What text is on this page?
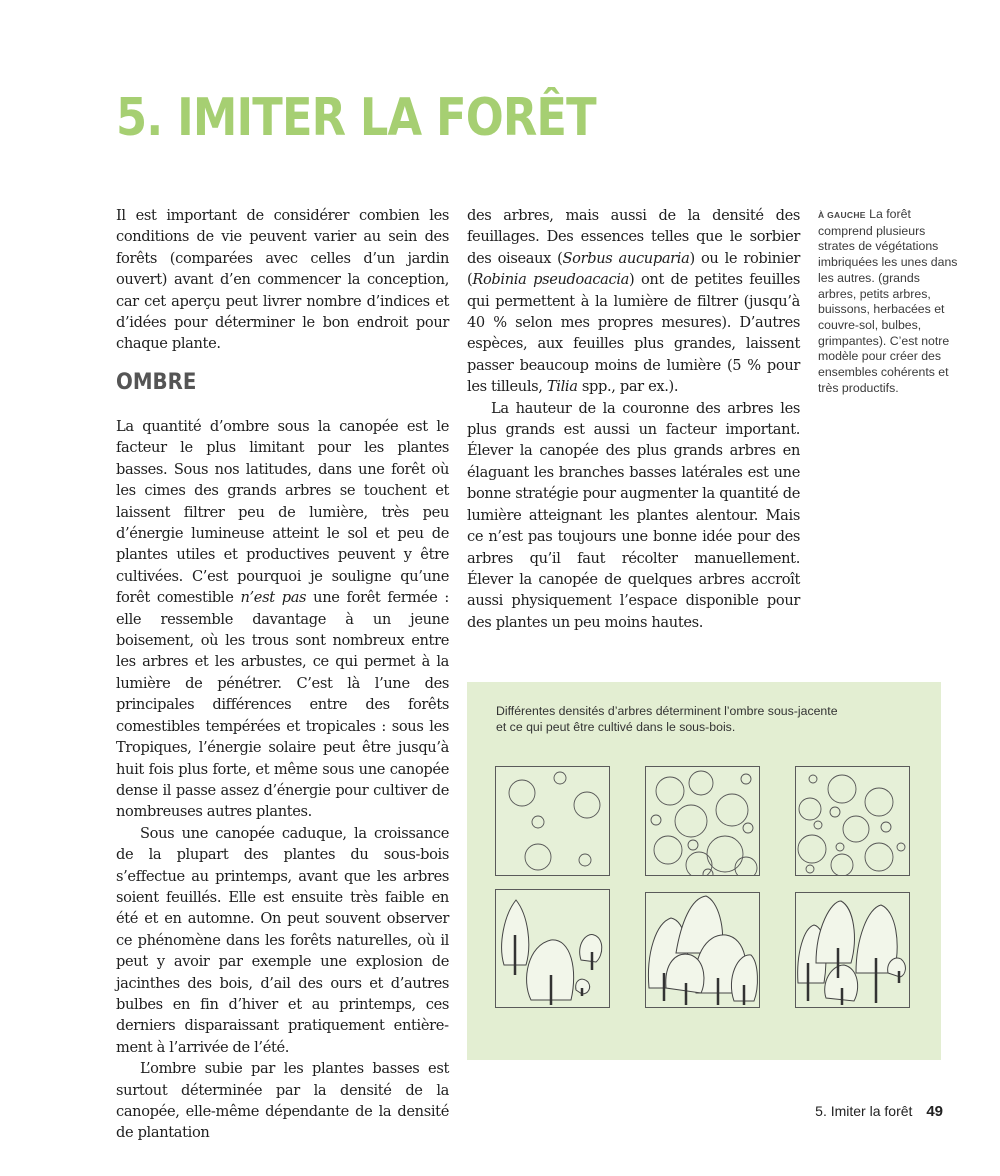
5. IMITER LA FORÊT

Il est important de considérer combien les conditions de vie peuvent varier au sein des forêts (comparées avec celles d’un jardin ouvert) avant d’en commencer la conception, car cet aperçu peut livrer nombre d’indices et d’idées pour déterminer le bon endroit pour chaque plante.

OMBRE

La quantité d’ombre sous la canopée est le facteur le plus limitant pour les plantes basses. Sous nos latitudes, dans une forêt où les cimes des grands arbres se touchent et laissent filtrer peu de lumière, très peu d’énergie lumineuse atteint le sol et peu de plantes utiles et productives peuvent y être cultivées. C’est pourquoi je souligne qu’une forêt comestible n’est pas une forêt fermée : elle ressemble davantage à un jeune boisement, où les trous sont nombreux entre les arbres et les arbustes, ce qui permet à la lumière de pénétrer. C’est là l’une des principales différences entre des forêts comestibles tempérées et tropicales : sous les Tropiques, l’énergie solaire peut être jusqu’à huit fois plus forte, et même sous une canopée dense il passe assez d’énergie pour cultiver de nombreuses autres plantes.

Sous une canopée caduque, la croissance de la plupart des plantes du sous-bois s’effectue au printemps, avant que les arbres soient feuillés. Elle est ensuite très faible en été et en automne. On peut souvent observer ce phénomène dans les forêts naturelles, où il peut y avoir par exemple une explosion de jacinthes des bois, d’ail des ours et d’autres bulbes en fin d’hiver et au printemps, ces derniers disparaissant pratiquement entièrement à l’arrivée de l’été.

L’ombre subie par les plantes basses est surtout déterminée par la densité de la canopée, elle-même dépendante de la densité de plantation

des arbres, mais aussi de la densité des feuillages. Des essences telles que le sorbier des oiseaux (Sorbus aucuparia) ou le robinier (Robinia pseudoacacia) ont de petites feuilles qui permettent à la lumière de filtrer (jusqu’à 40 % selon mes propres mesures). D’autres espèces, aux feuilles plus grandes, laissent passer beaucoup moins de lumière (5 % pour les tilleuls, Tilia spp., par ex.).

La hauteur de la couronne des arbres les plus grands est aussi un facteur important. Élever la canopée des plus grands arbres en élaguant les branches basses latérales est une bonne stratégie pour augmenter la quantité de lumière atteignant les plantes alentour. Mais ce n’est pas toujours une bonne idée pour des arbres qu’il faut récolter manuellement. Élever la canopée de quelques arbres accroît aussi physiquement l’espace disponible pour des plantes un peu moins hautes.

À GAUCHE La forêt comprend plusieurs strates de végétations imbriquées les unes dans les autres. (grands arbres, petits arbres, buissons, herbacées et couvre-sol, bulbes, grimpantes). C’est notre modèle pour créer des ensembles cohérents et très productifs.
Différentes densités d’arbres déterminent l’ombre sous-jacente
et ce qui peut être cultivé dans le sous-bois.
5. Imiter la forêt 49
